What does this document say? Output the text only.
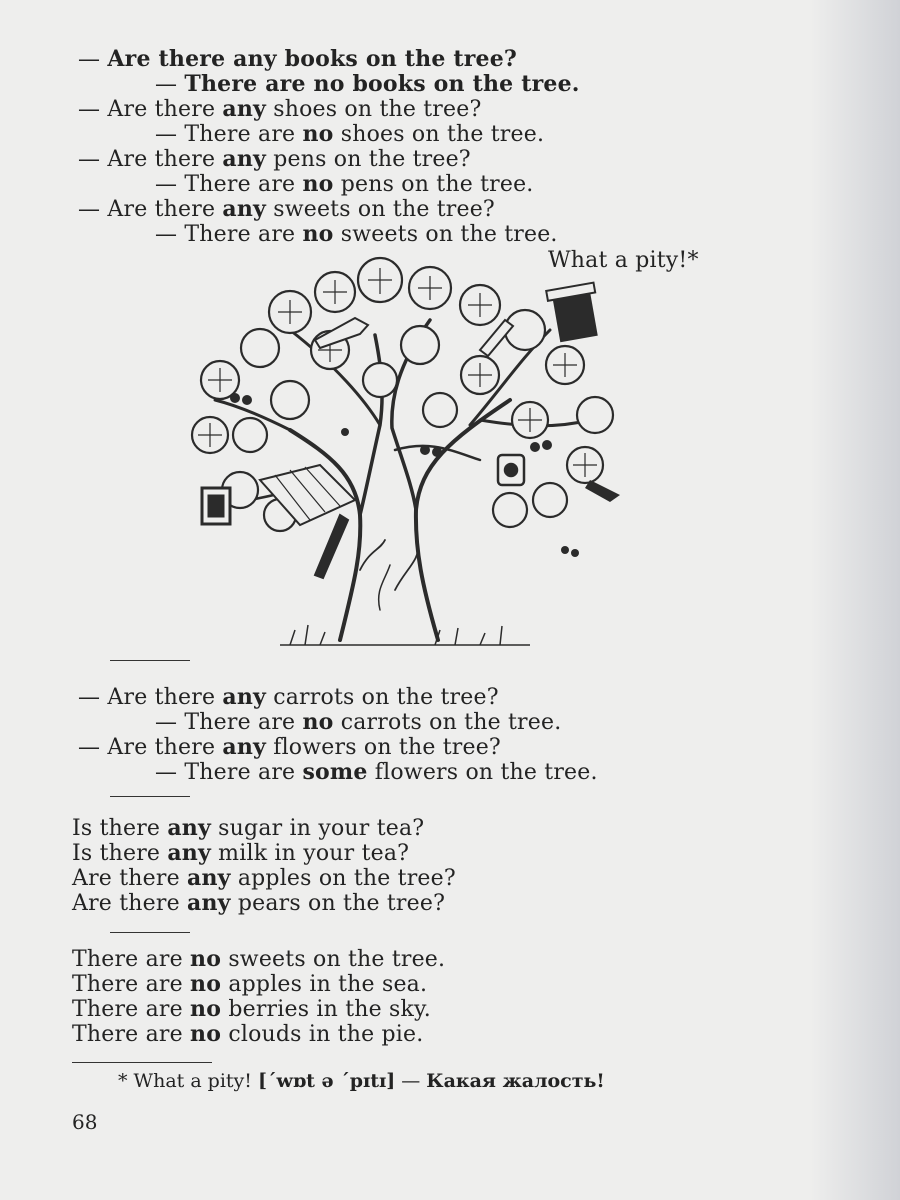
— Are there any books on the tree?
— There are no books on the tree.
— Are there any shoes on the tree?
— There are no shoes on the tree.
— Are there any pens on the tree?
— There are no pens on the tree.
— Are there any sweets on the tree?
— There are no sweets on the tree.
What a pity!*
— Are there any carrots on the tree?
— There are no carrots on the tree.
— Are there any flowers on the tree?
— There are some flowers on the tree.
Is there any sugar in your tea?
Is there any milk in your tea?
Are there any apples on the tree?
Are there any pears on the tree?
There are no sweets on the tree.
There are no apples in the sea.
There are no berries in the sky.
There are no clouds in the pie.
* What a pity! [ˊwɒt ə ˊpɪtɪ] — Какая жалость!
68
